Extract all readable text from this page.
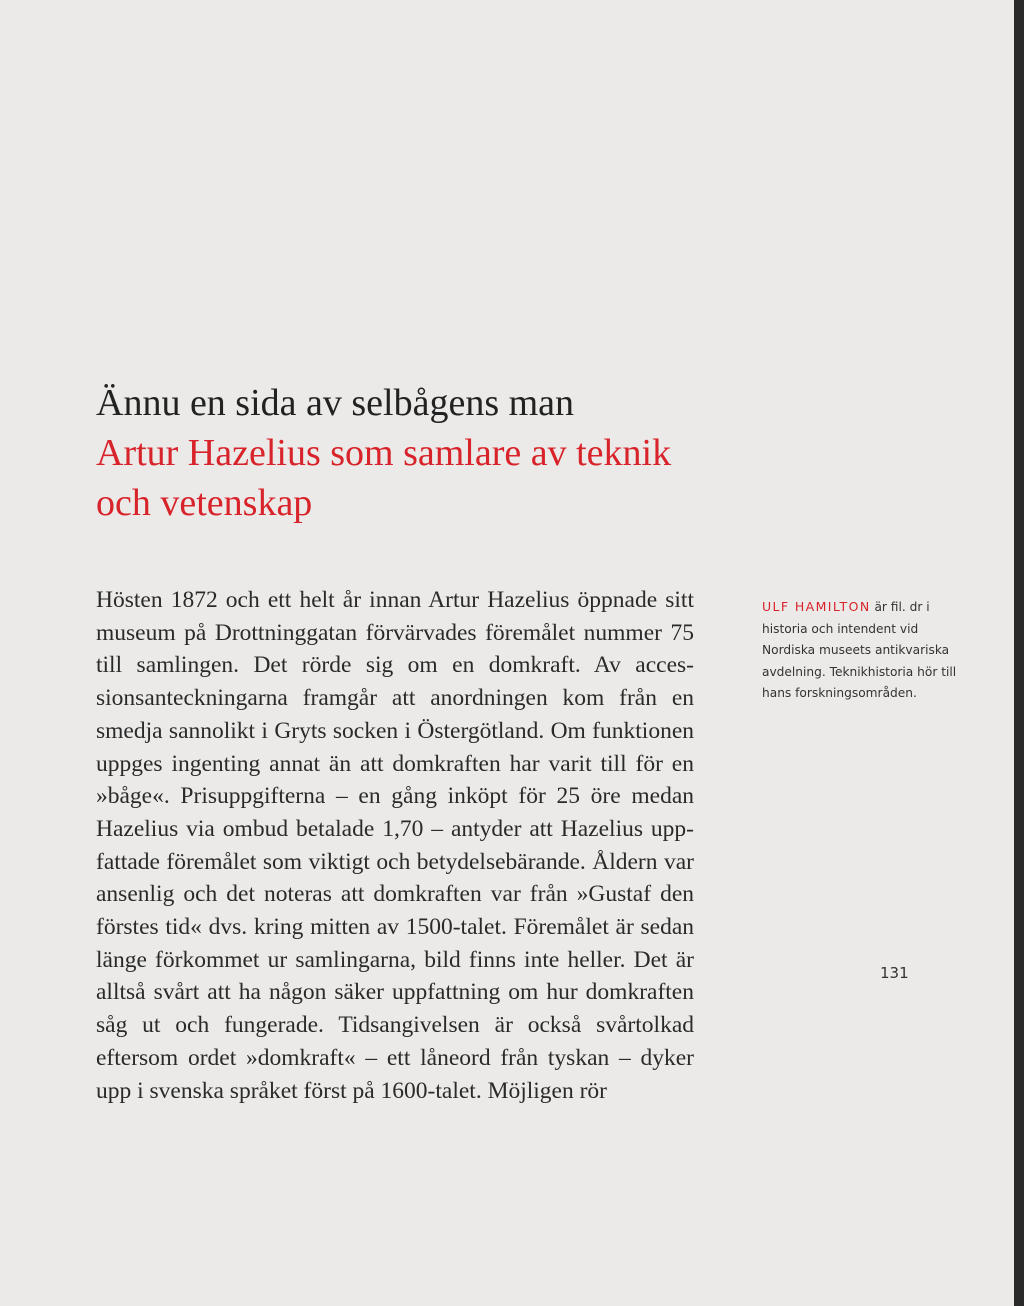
Ännu en sida av selbågens man
Artur Hazelius som samlare av teknik
och vetenskap

Hösten 1872 och ett helt år innan Artur Hazelius öppnade sitt museum på Drottninggatan förvärvades föremålet nummer 75 till samlingen. Det rörde sig om en domkraft. Av accessionsanteckningarna framgår att anordningen kom från en smedja sannolikt i Gryts socken i Östergötland. Om funktionen uppges ingenting annat än att domkraften har varit till för en »båge«. Prisuppgifterna – en gång inköpt för 25 öre medan Hazelius via ombud betalade 1,70 – antyder att Hazelius uppfattade föremålet som viktigt och betydelsebärande. Åldern var ansenlig och det noteras att domkraften var från »Gustaf den förstes tid« dvs. kring mitten av 1500-talet. Föremålet är sedan länge förkommet ur samlingarna, bild finns inte heller. Det är alltså svårt att ha någon säker uppfattning om hur domkraften såg ut och fungerade. Tidsangivelsen är också svårtolkad eftersom ordet »domkraft« – ett låneord från tyskan – dyker upp i svenska språket först på 1600-talet. Möjligen rör

ULF HAMILTON är fil. dr i historia och intendent vid Nordiska museets antikvariska avdelning. Teknikhistoria hör till hans forskningsområden.

131
